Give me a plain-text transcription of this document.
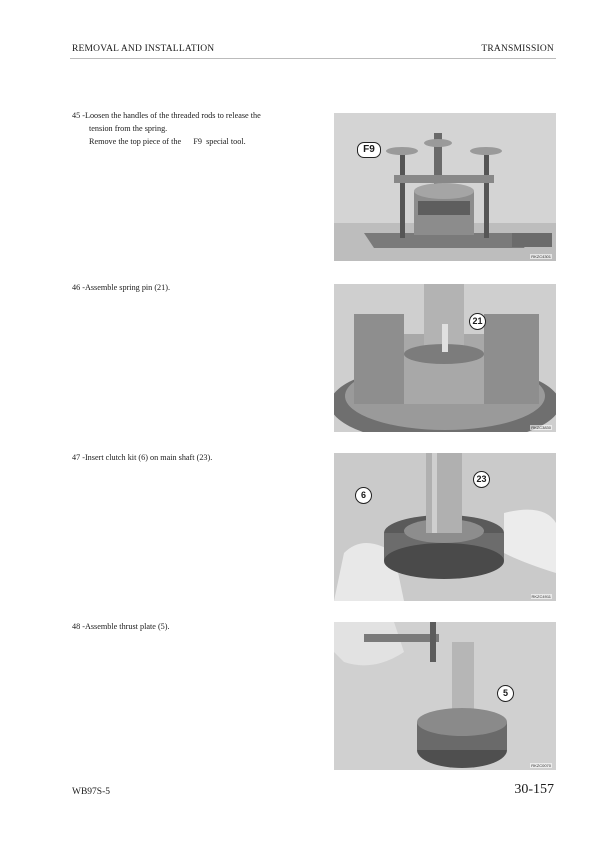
REMOVAL AND INSTALLATION	TRANSMISSION
45 -Loosen the handles of the threaded rods to release the
tension from the spring.
Remove the top piece of the      F9  special tool.
F9
RKZC4301
46 -Assemble spring pin (21).
21
RKZC3830
47 -Insert clutch kit (6) on main shaft (23).
6
23
RKZC4911
48 -Assemble thrust plate (5).
5
RKZC0070
WB97S-5	30-157
